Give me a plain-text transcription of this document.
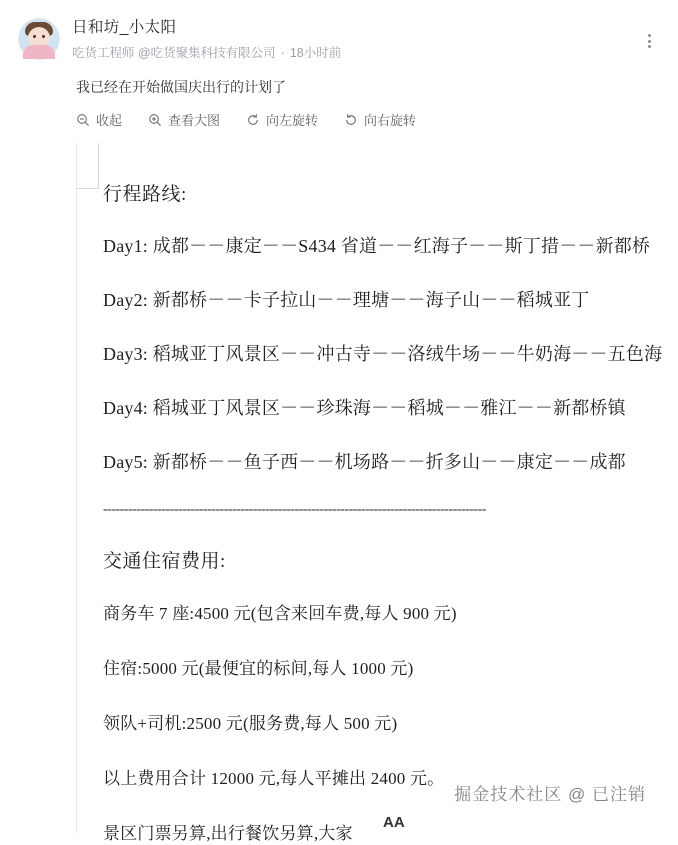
日和坊_小太阳
吃货工程师 @吃货聚集科技有限公司 · 18小时前
我已经在开始做国庆出行的计划了
收起	查看大图	向左旋转	向右旋转
行程路线:

Day1: 成都－－康定－－S434 省道－－红海子－－斯丁措－－新都桥

Day2: 新都桥－－卡子拉山－－理塘－－海子山－－稻城亚丁

Day3: 稻城亚丁风景区－－冲古寺－－洛绒牛场－－牛奶海－－五色海

Day4: 稻城亚丁风景区－－珍珠海－－稻城－－雅江－－新都桥镇

Day5: 新都桥－－鱼子西－－机场路－－折多山－－康定－－成都

--------------------------------------------------------------------------------------------

交通住宿费用:

商务车 7 座:4500 元(包含来回车费,每人 900 元)

住宿:5000 元(最便宜的标间,每人 1000 元)

领队+司机:2500 元(服务费,每人 500 元)

以上费用合计 12000 元,每人平摊出 2400 元。

景区门票另算,出行餐饮另算,大家

掘金技术社区 @ 已注销
AA
